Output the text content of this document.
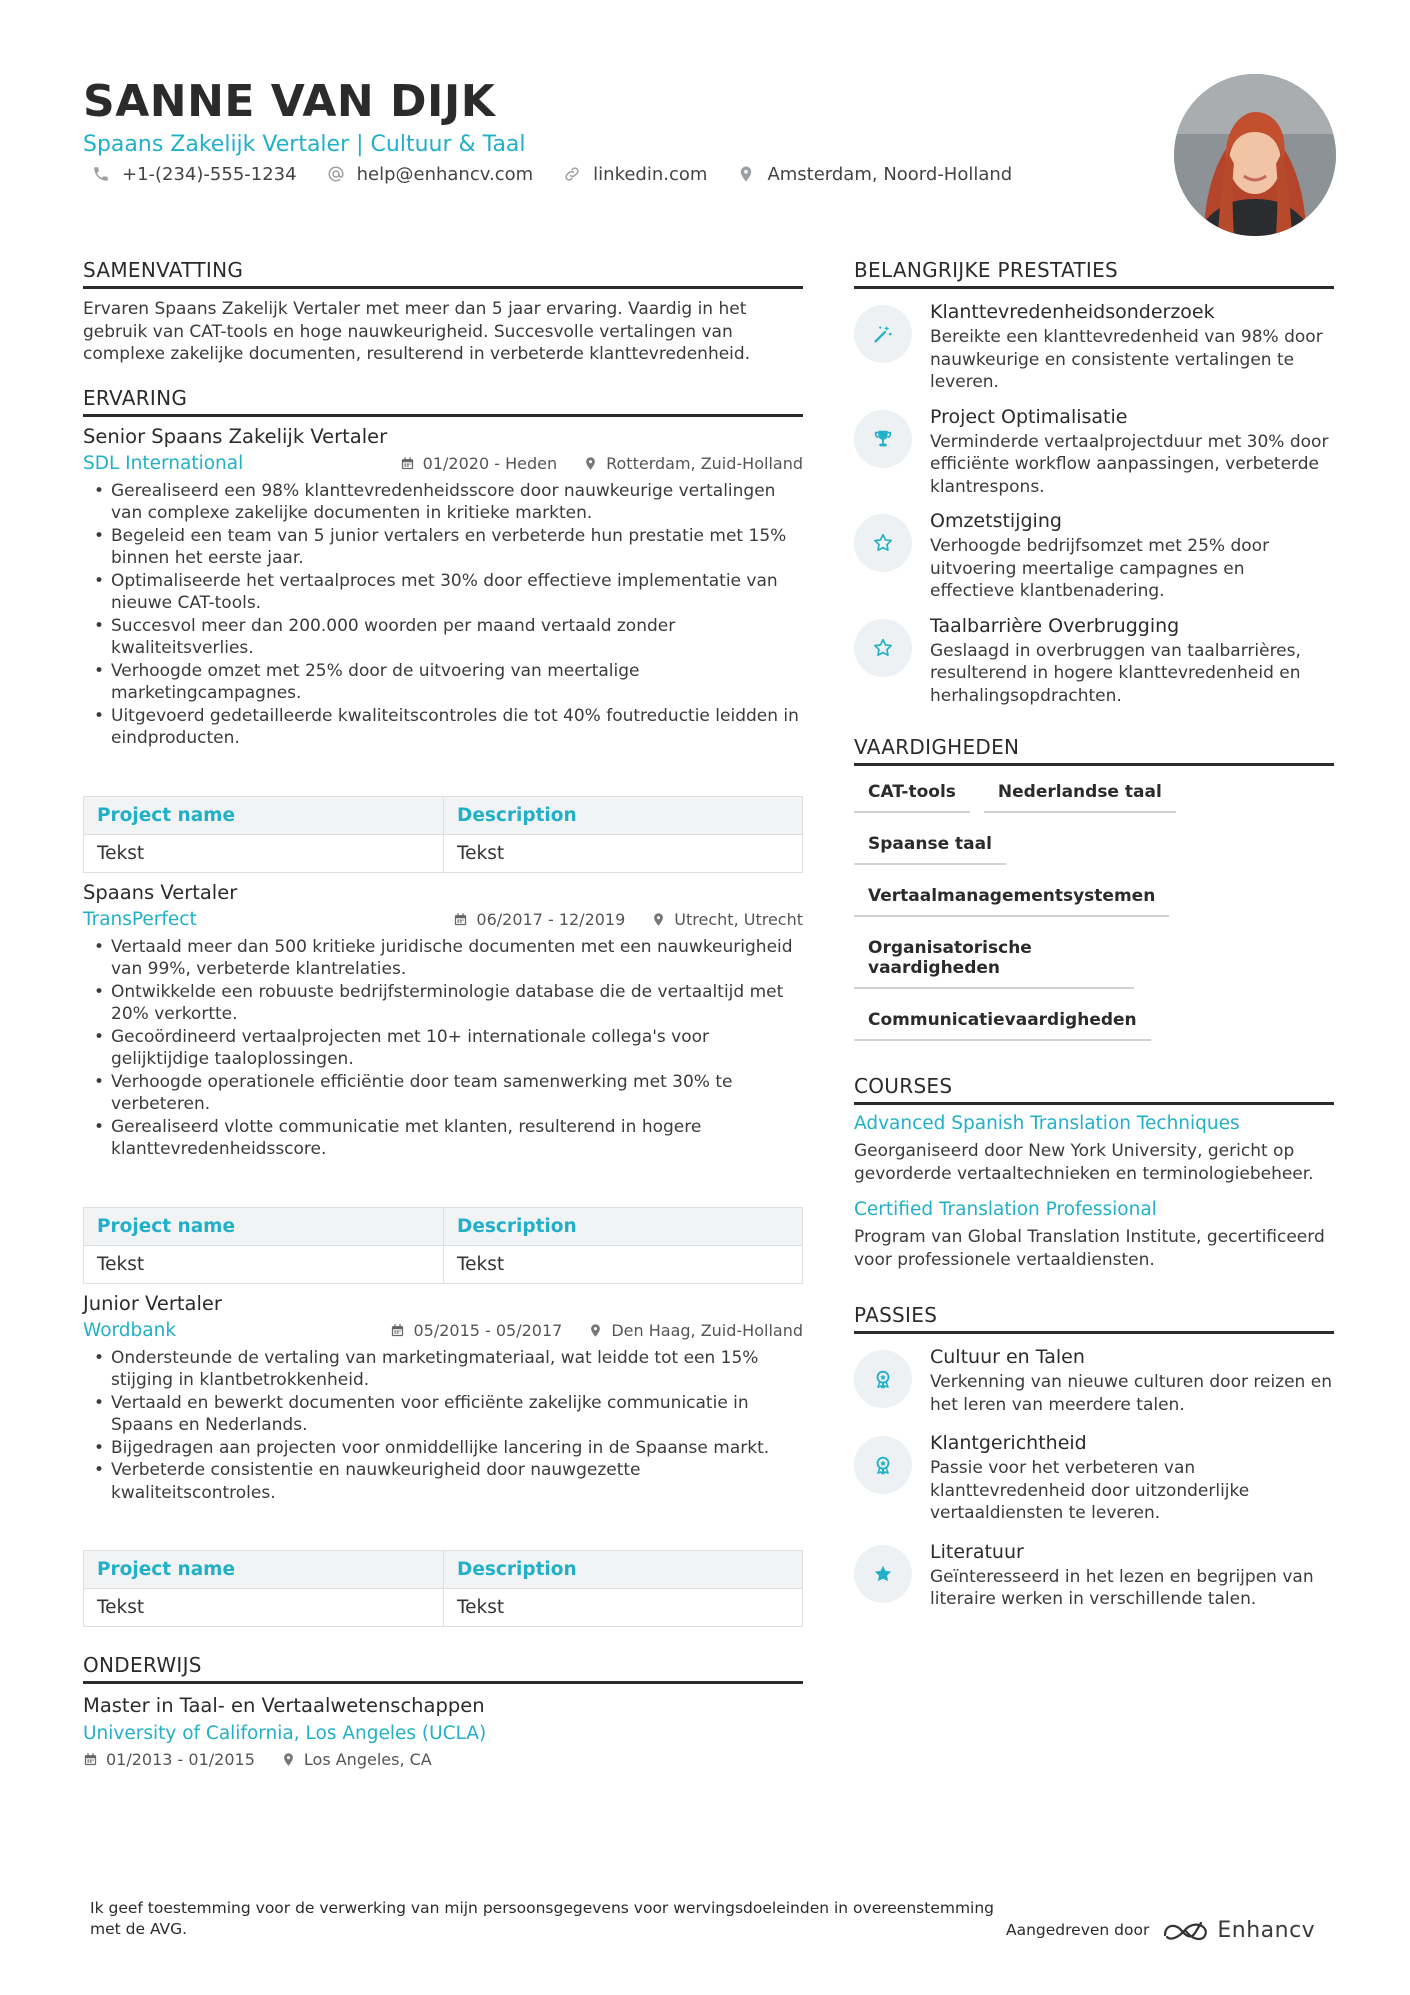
SANNE VAN DIJK
Spaans Zakelijk Vertaler | Cultuur & Taal
+1-(234)-555-1234	help@enhancv.com	linkedin.com	Amsterdam, Noord-Holland
SAMENVATTING
Ervaren Spaans Zakelijk Vertaler met meer dan 5 jaar ervaring. Vaardig in het gebruik van CAT-tools en hoge nauwkeurigheid. Succesvolle vertalingen van complexe zakelijke documenten, resulterend in verbeterde klanttevredenheid.
ERVARING
Senior Spaans Zakelijk Vertaler
SDL International	01/2020 - Heden	Rotterdam, Zuid-Holland
• Gerealiseerd een 98% klanttevredenheidsscore door nauwkeurige vertalingen van complexe zakelijke documenten in kritieke markten.
• Begeleid een team van 5 junior vertalers en verbeterde hun prestatie met 15% binnen het eerste jaar.
• Optimaliseerde het vertaalproces met 30% door effectieve implementatie van nieuwe CAT-tools.
• Succesvol meer dan 200.000 woorden per maand vertaald zonder kwaliteitsverlies.
• Verhoogde omzet met 25% door de uitvoering van meertalige marketingcampagnes.
• Uitgevoerd gedetailleerde kwaliteitscontroles die tot 40% foutreductie leidden in eindproducten.
Project name	Description
Tekst	Tekst
Spaans Vertaler
TransPerfect	06/2017 - 12/2019	Utrecht, Utrecht
• Vertaald meer dan 500 kritieke juridische documenten met een nauwkeurigheid van 99%, verbeterde klantrelaties.
• Ontwikkelde een robuuste bedrijfsterminologie database die de vertaaltijd met 20% verkortte.
• Gecoördineerd vertaalprojecten met 10+ internationale collega's voor gelijktijdige taaloplossingen.
• Verhoogde operationele efficiëntie door team samenwerking met 30% te verbeteren.
• Gerealiseerd vlotte communicatie met klanten, resulterend in hogere klanttevredenheidsscore.
Project name	Description
Tekst	Tekst
Junior Vertaler
Wordbank	05/2015 - 05/2017	Den Haag, Zuid-Holland
• Ondersteunde de vertaling van marketingmateriaal, wat leidde tot een 15% stijging in klantbetrokkenheid.
• Vertaald en bewerkt documenten voor efficiënte zakelijke communicatie in Spaans en Nederlands.
• Bijgedragen aan projecten voor onmiddellijke lancering in de Spaanse markt.
• Verbeterde consistentie en nauwkeurigheid door nauwgezette kwaliteitscontroles.
Project name	Description
Tekst	Tekst
ONDERWIJS
Master in Taal- en Vertaalwetenschappen
University of California, Los Angeles (UCLA)
01/2013 - 01/2015	Los Angeles, CA
BELANGRIJKE PRESTATIES
Klanttevredenheidsonderzoek
Bereikte een klanttevredenheid van 98% door nauwkeurige en consistente vertalingen te leveren.
Project Optimalisatie
Verminderde vertaalprojectduur met 30% door efficiënte workflow aanpassingen, verbeterde klantrespons.
Omzetstijging
Verhoogde bedrijfsomzet met 25% door uitvoering meertalige campagnes en effectieve klantbenadering.
Taalbarrière Overbrugging
Geslaagd in overbruggen van taalbarrières, resulterend in hogere klanttevredenheid en herhalingsopdrachten.
VAARDIGHEDEN
CAT-tools	Nederlandse taal
Spaanse taal
Vertaalmanagementsystemen
Organisatorische vaardigheden
Communicatievaardigheden
COURSES
Advanced Spanish Translation Techniques
Georganiseerd door New York University, gericht op gevorderde vertaaltechnieken en terminologiebeheer.
Certified Translation Professional
Program van Global Translation Institute, gecertificeerd voor professionele vertaaldiensten.
PASSIES
Cultuur en Talen
Verkenning van nieuwe culturen door reizen en het leren van meerdere talen.
Klantgerichtheid
Passie voor het verbeteren van klanttevredenheid door uitzonderlijke vertaaldiensten te leveren.
Literatuur
Geïnteresseerd in het lezen en begrijpen van literaire werken in verschillende talen.
Ik geef toestemming voor de verwerking van mijn persoonsgegevens voor wervingsdoeleinden in overeenstemming met de AVG.	Aangedreven door	Enhancv
